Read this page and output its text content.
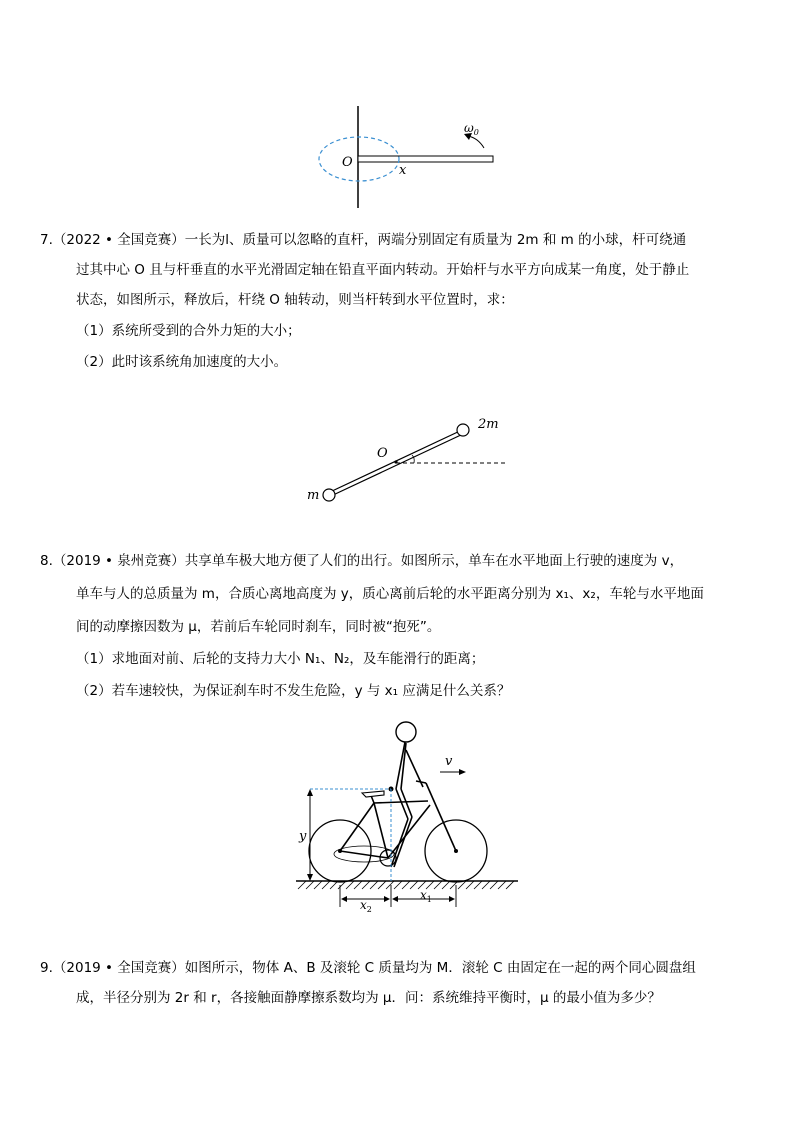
O
x
$\omega_0$
7.（2022 • 全国竞赛）一长为l、质量可以忽略的直杆，两端分别固定有质量为 2m 和 m 的小球，杆可绕通
过其中心 O 且与杆垂直的水平光滑固定轴在铅直平面内转动。开始杆与水平方向成某一角度，处于静止
状态，如图所示，释放后，杆绕 O 轴转动，则当杆转到水平位置时，求：
（1）系统所受到的合外力矩的大小；
（2）此时该系统角加速度的大小。
2m
m
O
8.（2019 • 泉州竞赛）共享单车极大地方便了人们的出行。如图所示，单车在水平地面上行驶的速度为 v，
单车与人的总质量为 m，合质心离地高度为 y，质心离前后轮的水平距离分别为 x₁、x₂，车轮与水平地面
间的动摩擦因数为 μ，若前后车轮同时刹车，同时被“抱死”。
（1）求地面对前、后轮的支持力大小 N₁、N₂，及车能滑行的距离；
（2）若车速较快，为保证刹车时不发生危险，y 与 x₁ 应满足什么关系？
y
v
$x_2$
$x_1$
9.（2019 • 全国竞赛）如图所示，物体 A、B 及滚轮 C 质量均为 M．滚轮 C 由固定在一起的两个同心圆盘组
成，半径分别为 2r 和 r，各接触面静摩擦系数均为 μ．问：系统维持平衡时，μ 的最小值为多少？
